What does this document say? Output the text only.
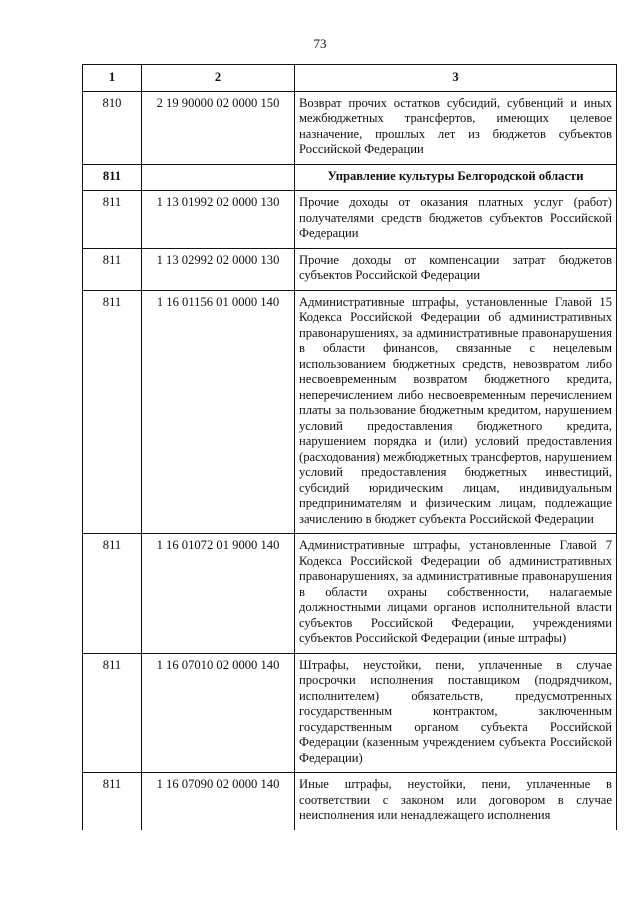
73
1	2	3
810	2 19 90000 02 0000 150	Возврат прочих остатков субсидий, субвенций и иных межбюджетных трансфертов, имеющих целевое назначение, прошлых лет из бюджетов субъектов Российской Федерации
811		Управление культуры Белгородской области
811	1 13 01992 02 0000 130	Прочие доходы от оказания платных услуг (работ) получателями средств бюджетов субъектов Российской Федерации
811	1 13 02992 02 0000 130	Прочие доходы от компенсации затрат бюджетов субъектов Российской Федерации
811	1 16 01156 01 0000 140	Административные штрафы, установленные Главой 15 Кодекса Российской Федерации об административных правонарушениях, за административные правонарушения в области финансов, связанные с нецелевым использованием бюджетных средств, невозвратом либо несвоевременным возвратом бюджетного кредита, неперечислением либо несвоевременным перечислением платы за пользование бюджетным кредитом, нарушением условий предоставления бюджетного кредита, нарушением порядка и (или) условий предоставления (расходования) межбюджетных трансфертов, нарушением условий предоставления бюджетных инвестиций, субсидий юридическим лицам, индивидуальным предпринимателям и физическим лицам, подлежащие зачислению в бюджет субъекта Российской Федерации
811	1 16 01072 01 9000 140	Административные штрафы, установленные Главой 7 Кодекса Российской Федерации об административных правонарушениях, за административные правонарушения в области охраны собственности, налагаемые должностными лицами органов исполнительной власти субъектов Российской Федерации, учреждениями субъектов Российской Федерации (иные штрафы)
811	1 16 07010 02 0000 140	Штрафы, неустойки, пени, уплаченные в случае просрочки исполнения поставщиком (подрядчиком, исполнителем) обязательств, предусмотренных государственным контрактом, заключенным государственным органом субъекта Российской Федерации (казенным учреждением субъекта Российской Федерации)
811	1 16 07090 02 0000 140	Иные штрафы, неустойки, пени, уплаченные в соответствии с законом или договором в случае неисполнения или ненадлежащего исполнения
